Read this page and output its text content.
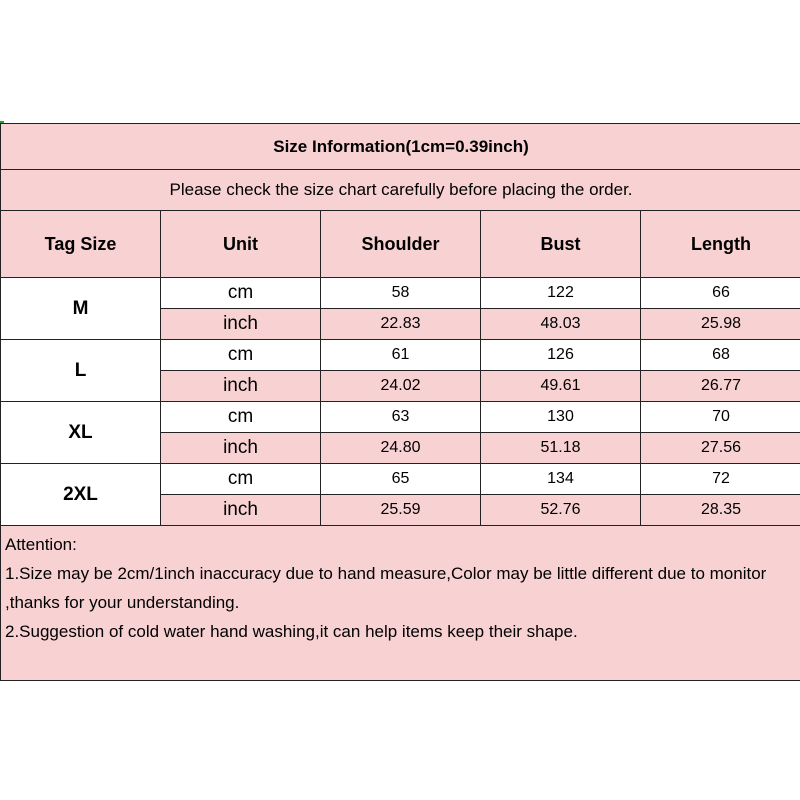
Size Information(1cm=0.39inch)				
Please check the size chart carefully before placing the order.				
Tag Size	Unit	Shoulder	Bust	Length
M	cm	58	122	66
	inch	22.83	48.03	25.98
L	cm	61	126	68
	inch	24.02	49.61	26.77
XL	cm	63	130	70
	inch	24.80	51.18	27.56
2XL	cm	65	134	72
	inch	25.59	52.76	28.35

Attention:
1.Size may be 2cm/1inch inaccuracy due to hand measure,Color may be little different due to monitor
,thanks for your understanding.
2.Suggestion of cold water hand washing,it can help items keep their shape.				
